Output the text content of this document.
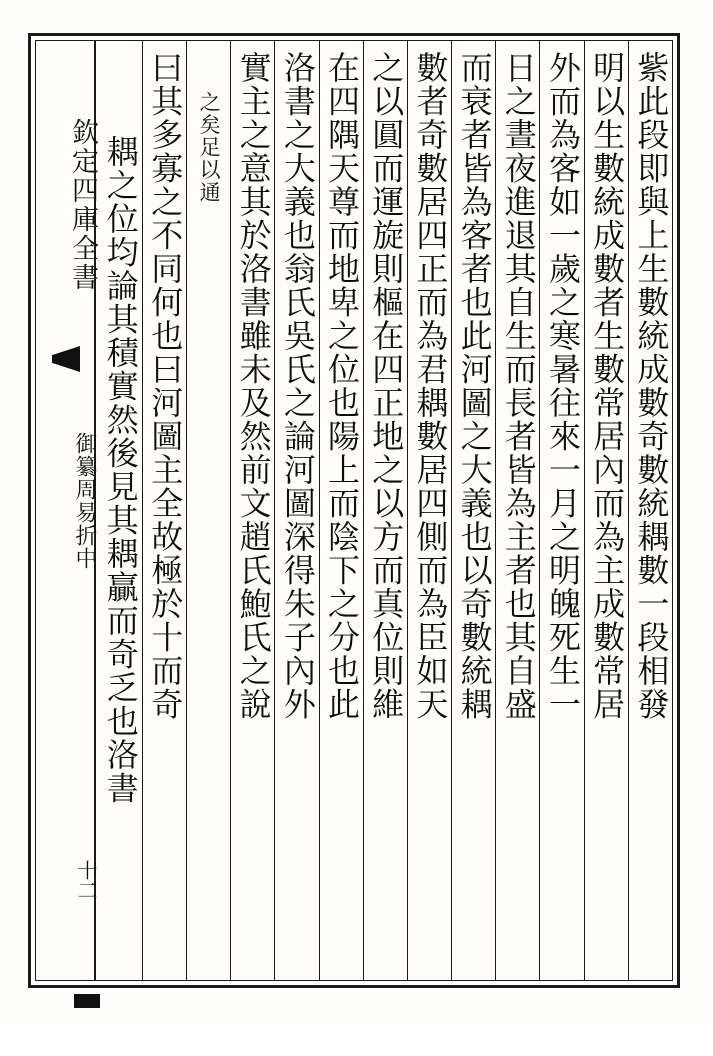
欽定四庫全書
御纂周易折中
十二
紫此段即與上生數統成數奇數統耦數一段相發
明以生數統成數者生數常居內而為主成數常居
外而為客如一歲之寒暑往來一月之明魄死生一
日之晝夜進退其自生而長者皆為主者也其自盛
而衰者皆為客者也此河圖之大義也以奇數統耦
數者奇數居四正而為君耦數居四側而為臣如天
之以圓而運旋則樞在四正地之以方而真位則維
在四隅天尊而地卑之位也陽上而陰下之分也此
洛書之大義也翁氏吳氏之論河圖深得朱子內外
實主之意其於洛書雖未及然前文趙氏鮑氏之說
之矣足以通
曰其多寡之不同何也曰河圖主全故極於十而奇
耦之位均論其積實然後見其耦贏而奇乏也洛書
